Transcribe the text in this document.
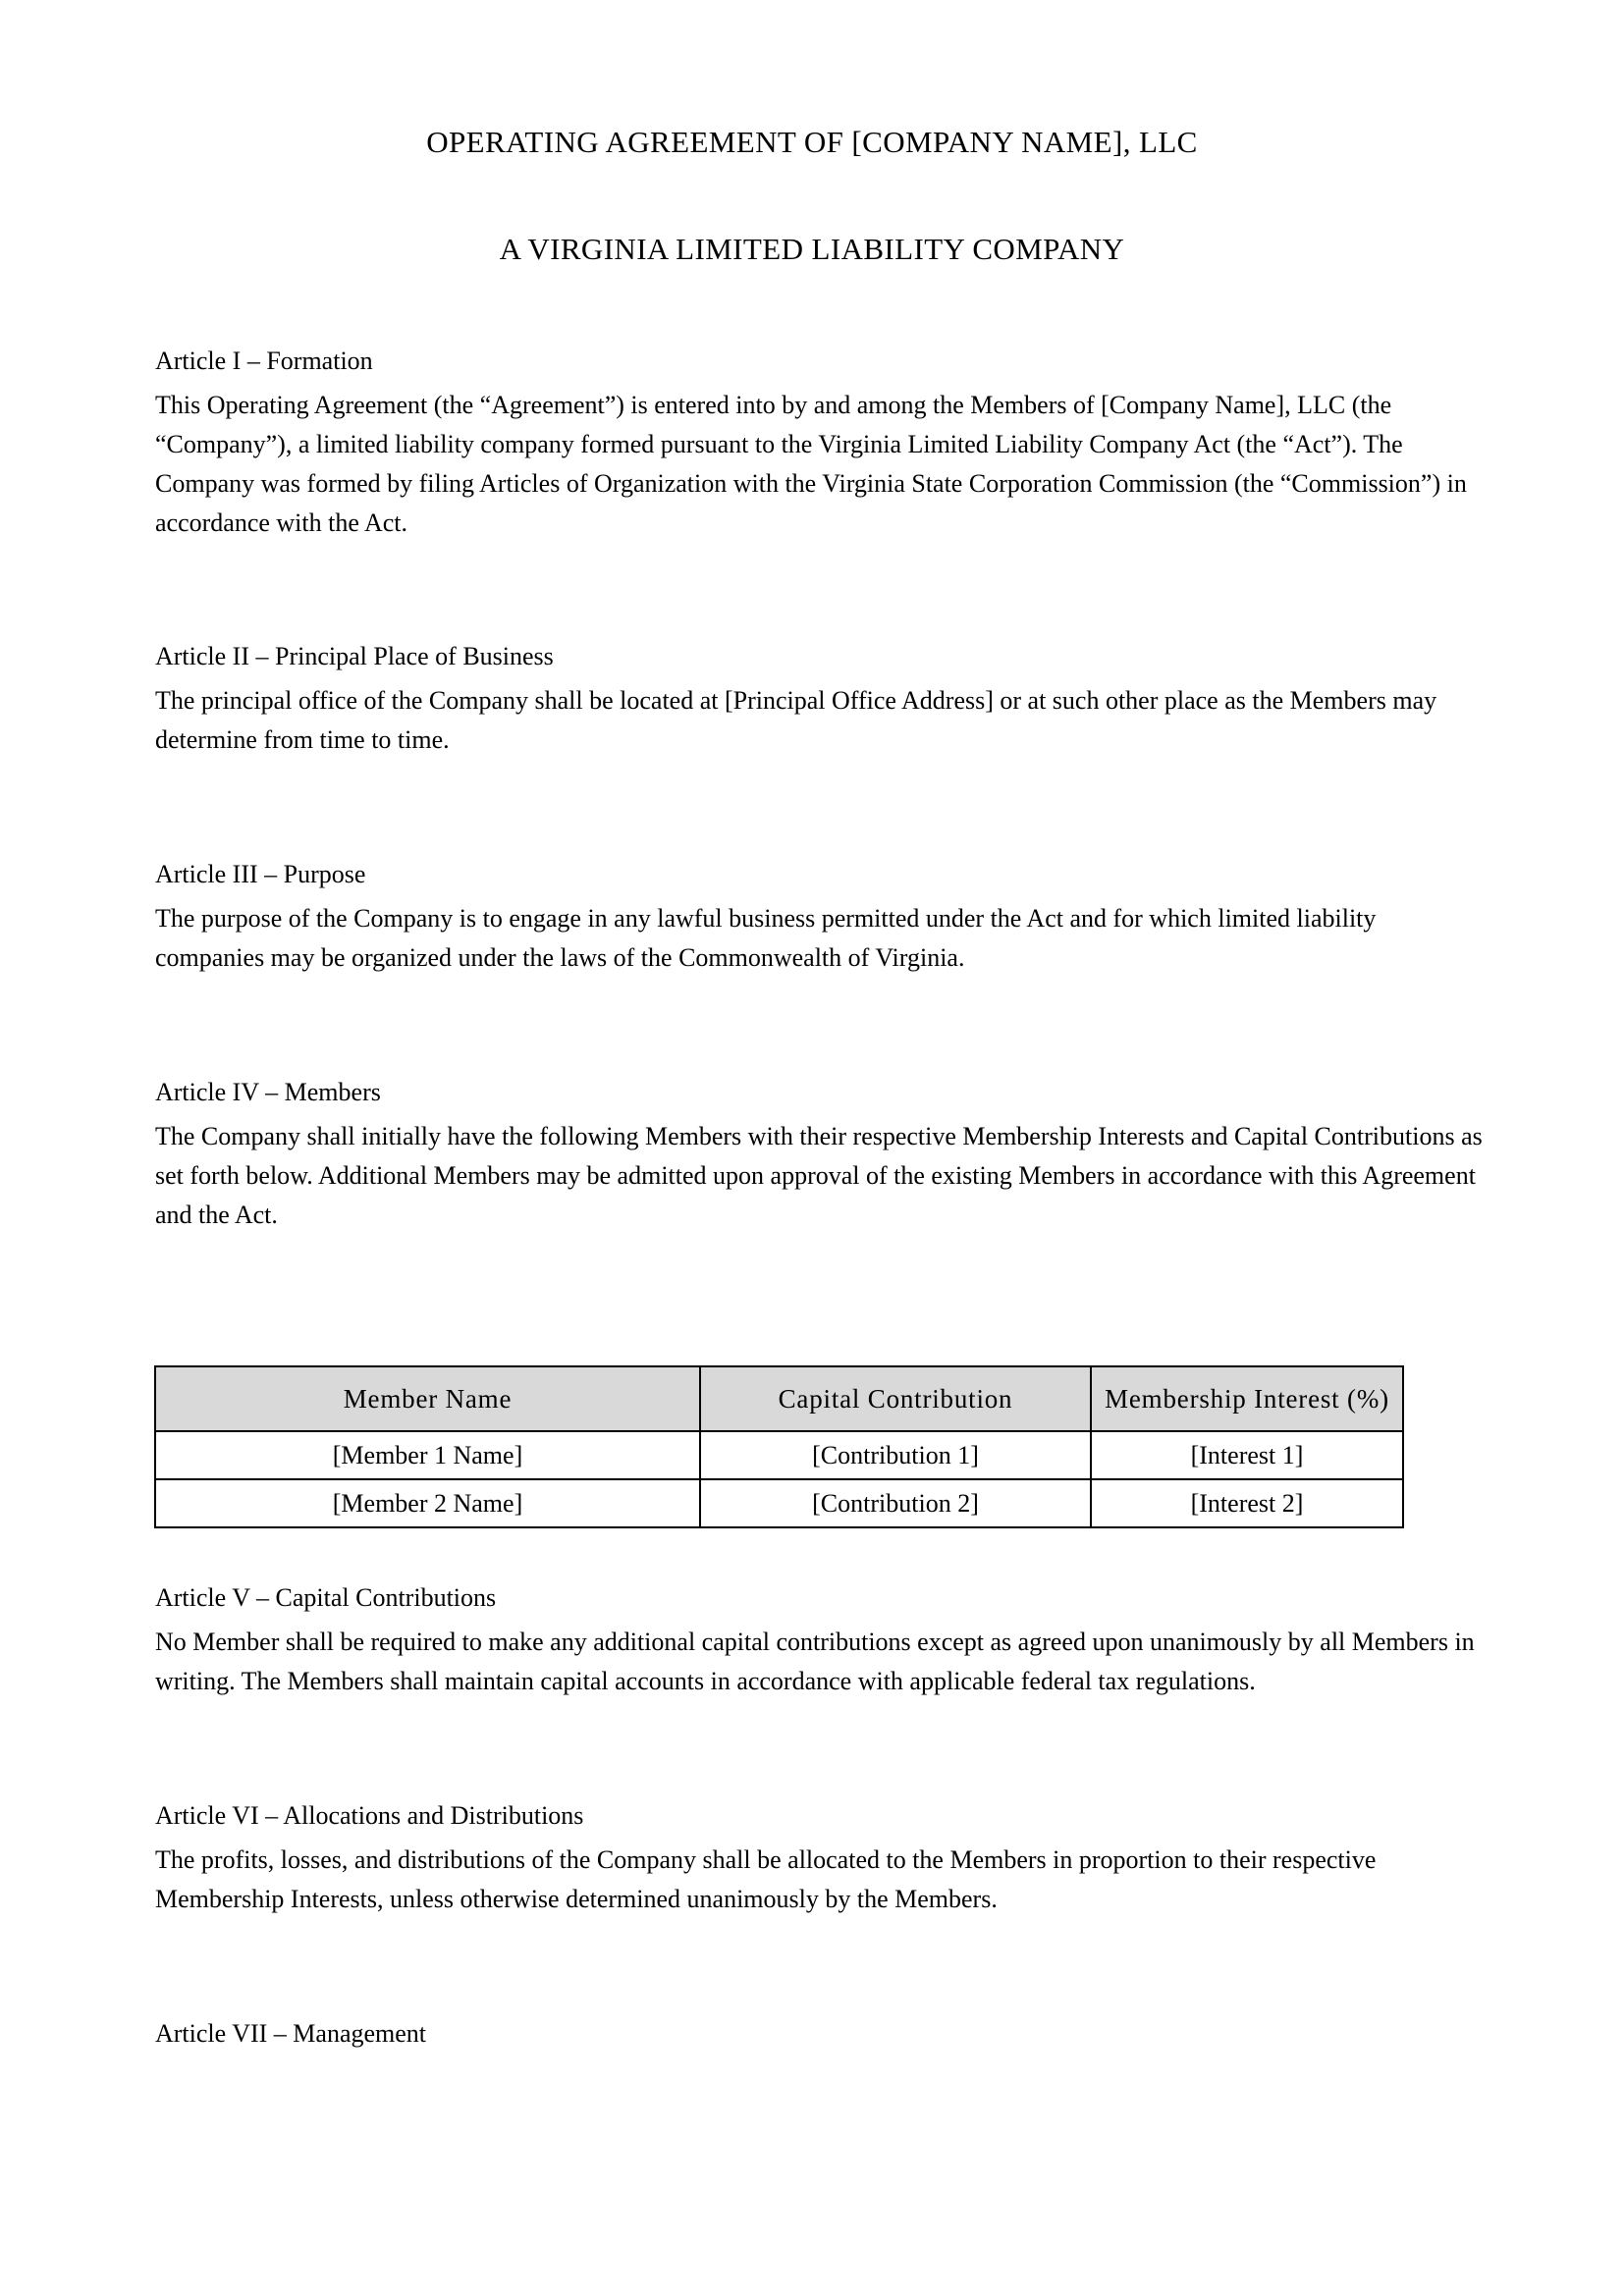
OPERATING AGREEMENT OF [COMPANY NAME], LLC
A VIRGINIA LIMITED LIABILITY COMPANY

Article I – Formation

This Operating Agreement (the “Agreement”) is entered into by and among the Members of [Company Name], LLC (the “Company”), a limited liability company formed pursuant to the Virginia Limited Liability Company Act (the “Act”). The Company was formed by filing Articles of Organization with the Virginia State Corporation Commission (the “Commission”) in accordance with the Act.

Article II – Principal Place of Business

The principal office of the Company shall be located at [Principal Office Address] or at such other place as the Members may determine from time to time.

Article III – Purpose

The purpose of the Company is to engage in any lawful business permitted under the Act and for which limited liability companies may be organized under the laws of the Commonwealth of Virginia.

Article IV – Members

The Company shall initially have the following Members with their respective Membership Interests and Capital Contributions as set forth below. Additional Members may be admitted upon approval of the existing Members in accordance with this Agreement and the Act.

Member Name	Capital Contribution	Membership Interest (%)
[Member 1 Name]	[Contribution 1]	[Interest 1]
[Member 2 Name]	[Contribution 2]	[Interest 2]

Article V – Capital Contributions

No Member shall be required to make any additional capital contributions except as agreed upon unanimously by all Members in writing. The Members shall maintain capital accounts in accordance with applicable federal tax regulations.

Article VI – Allocations and Distributions

The profits, losses, and distributions of the Company shall be allocated to the Members in proportion to their respective Membership Interests, unless otherwise determined unanimously by the Members.

Article VII – Management
